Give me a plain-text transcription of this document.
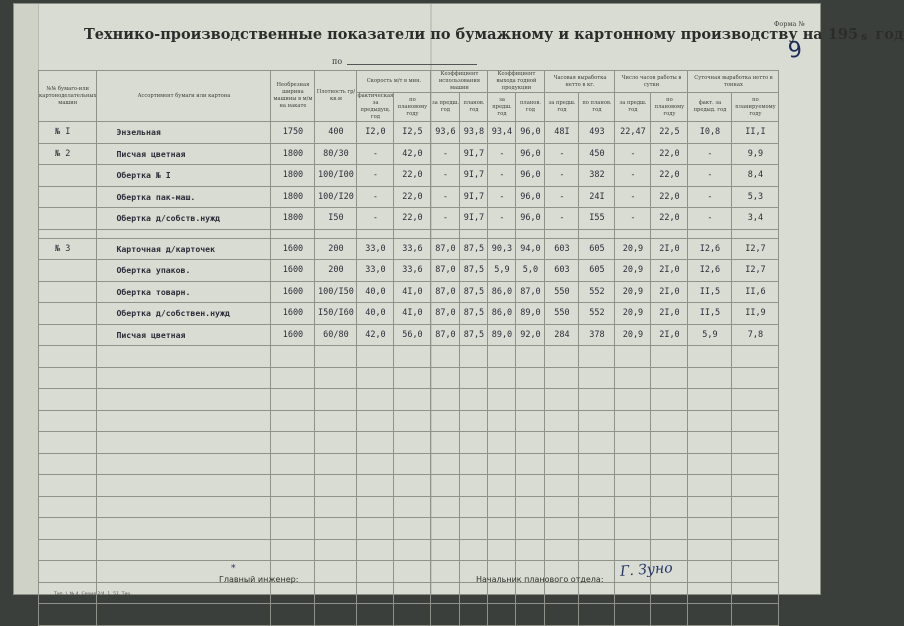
Технико-производственные показатели по бумажному и картонному производству на 195 s год
Форма №
9
по
№№ бумаго-или картоноделательных машин	Ассортимент бумаги или картона	Необрезная ширина машины в м/м на накате	Плотность гр/кв.м	Скорость м/т в мин.		Коэффициент использования машин		Коэффициент выхода годной продукции		Часовая выработка нетто в кг.		Число часов работы в сутки		Суточная выработка нетто в тоннах	
				фактическая за предыдущ. год	по плановому году	за предш. год	планов. год	за предш. год	планов. год	за предш. год	по планов. год	за предш. год	по плановому году	факт. за предыд. год	по планируемому году
№ I	Энзельная	1750	400	I2,0	I2,5	93,6	93,8	93,4	96,0	48I	493	22,47	22,5	I0,8	II,I
№ 2	Писчая цветная	1800	80/30	-	42,0	-	9I,7	-	96,0	-	450	-	22,0	-	9,9
	Обертка № I	1800	100/I00	-	22,0	-	9I,7	-	96,0	-	382	-	22,0	-	8,4
	Обертка пак-маш.	1800	100/I20	-	22,0	-	9I,7	-	96,0	-	24I	-	22,0	-	5,3
	Обертка д/собств.нужд	1800	I50	-	22,0	-	9I,7	-	96,0	-	I55	-	22,0	-	3,4

№ 3	Карточная д/карточек	1600	200	33,0	33,6	87,0	87,5	90,3	94,0	603	605	20,9	2I,0	I2,6	I2,7
	Обертка упаков.	1600	200	33,0	33,6	87,0	87,5	5,9	5,0	603	605	20,9	2I,0	I2,6	I2,7
	Обертка товарн.	1600	100/I50	40,0	4I,0	87,0	87,5	86,0	87,0	550	552	20,9	2I,0	II,5	II,6
	Обертка д/собствен.нужд	1600	I50/I60	40,0	4I,0	87,0	87,5	86,0	89,0	550	552	20,9	2I,0	II,5	II,9
	Писчая цветная	1600	60/80	42,0	56,0	87,0	87,5	89,0	92,0	284	378	20,9	2I,0	5,9	7,8

*
Главный инженер:	Начальник планового отдела: Г. Зуно
Тип. I. № 4. Серия 2/4. 1. 51. Тир.
